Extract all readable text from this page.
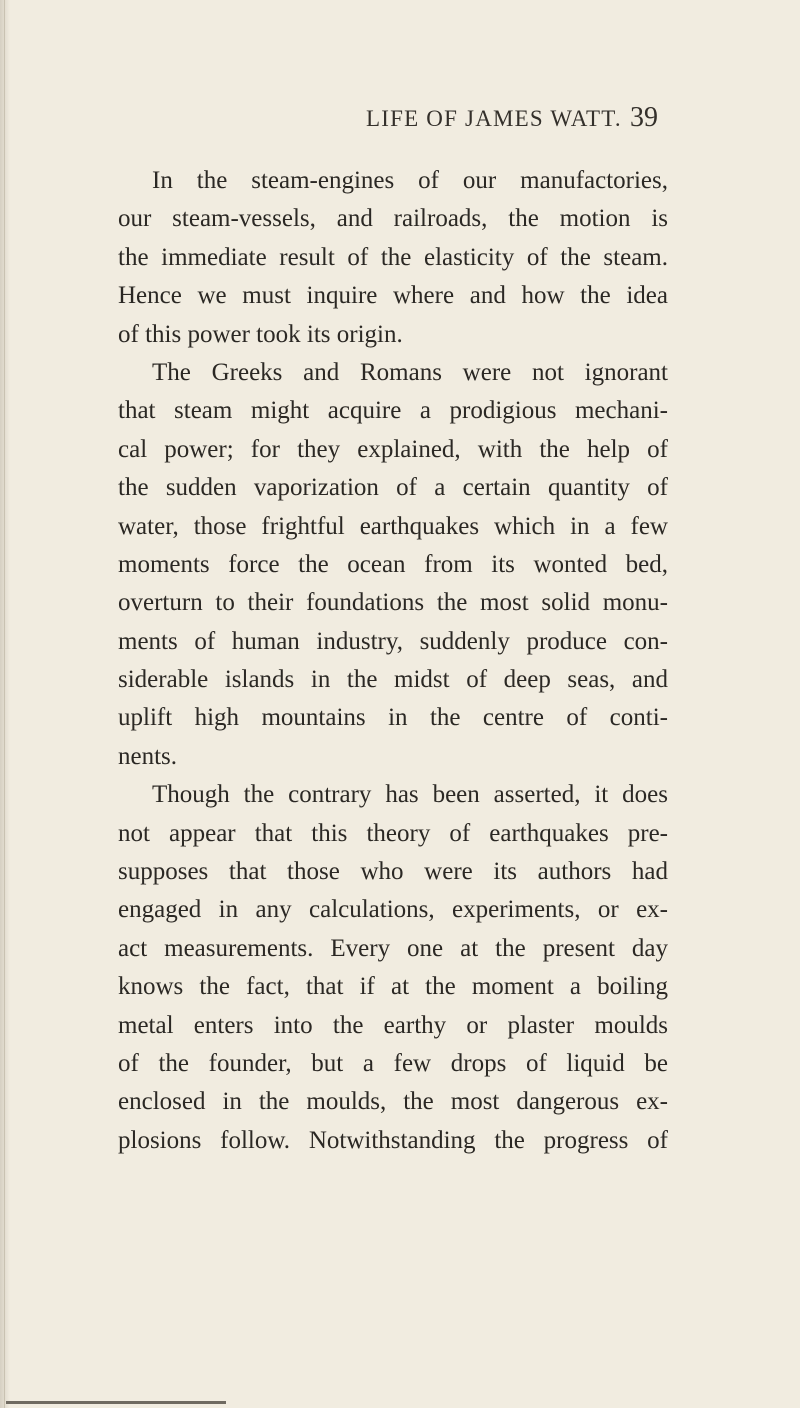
LIFE OF JAMES WATT. 39
In the steam-engines of our manufactories,
our steam-vessels, and railroads, the motion is
the immediate result of the elasticity of the steam.
Hence we must inquire where and how the idea
of this power took its origin.
The Greeks and Romans were not ignorant
that steam might acquire a prodigious mechani-
cal power; for they explained, with the help of
the sudden vaporization of a certain quantity of
water, those frightful earthquakes which in a few
moments force the ocean from its wonted bed,
overturn to their foundations the most solid monu-
ments of human industry, suddenly produce con-
siderable islands in the midst of deep seas, and
uplift high mountains in the centre of conti-
nents.
Though the contrary has been asserted, it does
not appear that this theory of earthquakes pre-
supposes that those who were its authors had
engaged in any calculations, experiments, or ex-
act measurements. Every one at the present day
knows the fact, that if at the moment a boiling
metal enters into the earthy or plaster moulds
of the founder, but a few drops of liquid be
enclosed in the moulds, the most dangerous ex-
plosions follow. Notwithstanding the progress of
